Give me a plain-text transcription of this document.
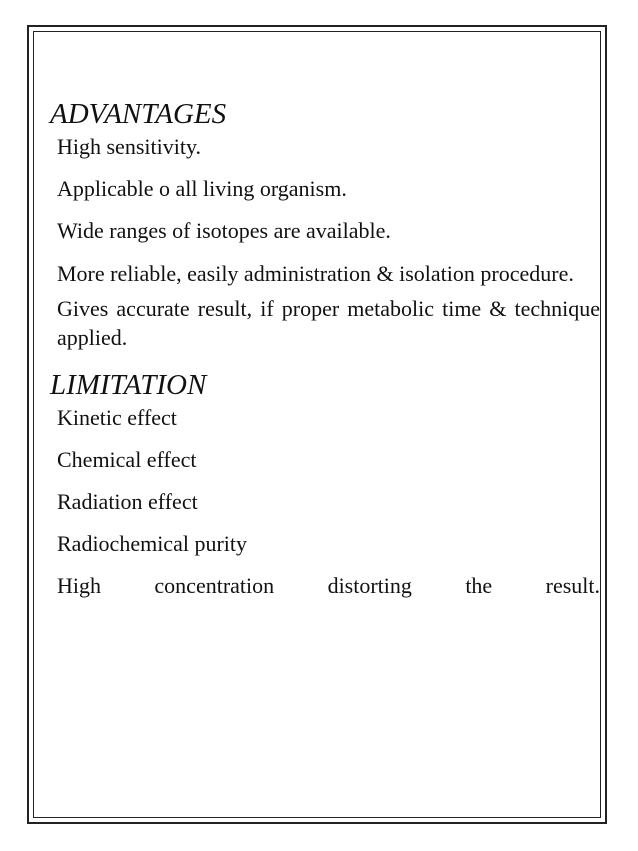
ADVANTAGES
High sensitivity.
Applicable o all living organism.
Wide ranges of isotopes are available.
More reliable, easily administration & isolation procedure.
Gives accurate result, if proper metabolic time & technique applied.
LIMITATION
Kinetic effect
Chemical effect
Radiation effect
Radiochemical purity
High concentration distorting the result.
